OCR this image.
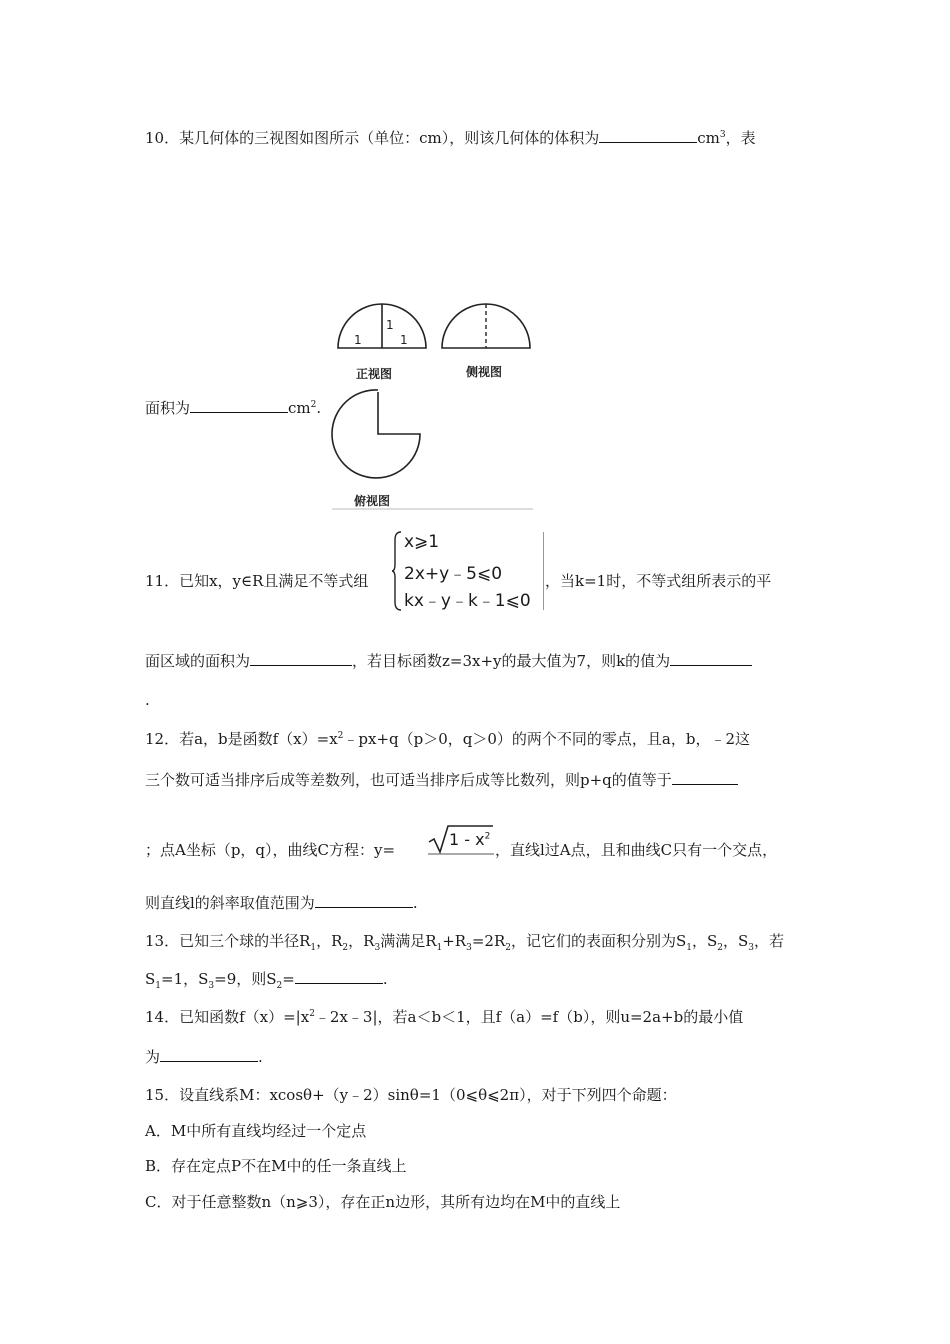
10．某几何体的三视图如图所示（单位：cm），则该几何体的体积为	$cm^3$，表
1
1
1
正视图	侧视图
俯视图
面积为	$cm^2$.
11．已知x，y∈R且满足不等式组
x⩾1
2x+y﹣5⩽0
kx﹣y﹣k﹣1⩽0
，当k=1时，不等式组所表示的平
面区域的面积为	，若目标函数z=3x+y的最大值为7，则k的值为
.
12．若a，b是函数$f(x)=x^2﹣px+q(p>0$，q＞0）的两个不同的零点，且a，b，﹣2这
三个数可适当排序后成等差数列，也可适当排序后成等比数列，则p+q的值等于
；点A坐标（p，q），曲线C方程：y=
$1 - x^2$
，直线l过A点，且和曲线C只有一个交点，
则直线l的斜率取值范围为	.
13．已知三个球的半径$R_1$，$R_2$，$R_3$满满足$R_1+R_3=2R_2$，记它们的表面积分别为$S_1$，$S_2$，$S_3$，若
$S_1=1$，$S_3=9$，则$S_2=$	.
14．已知函数$f(x)=|x^2﹣2x﹣3|$，若a＜b＜1，且f（a）=f（b），则u=2a+b的最小值
为	.
15．设直线系M：xcosθ+（y﹣2）sinθ=1（0⩽θ⩽2π），对于下列四个命题：
A．M中所有直线均经过一个定点
B．存在定点P不在M中的任一条直线上
C．对于任意整数n（n⩾3），存在正n边形，其所有边均在M中的直线上
